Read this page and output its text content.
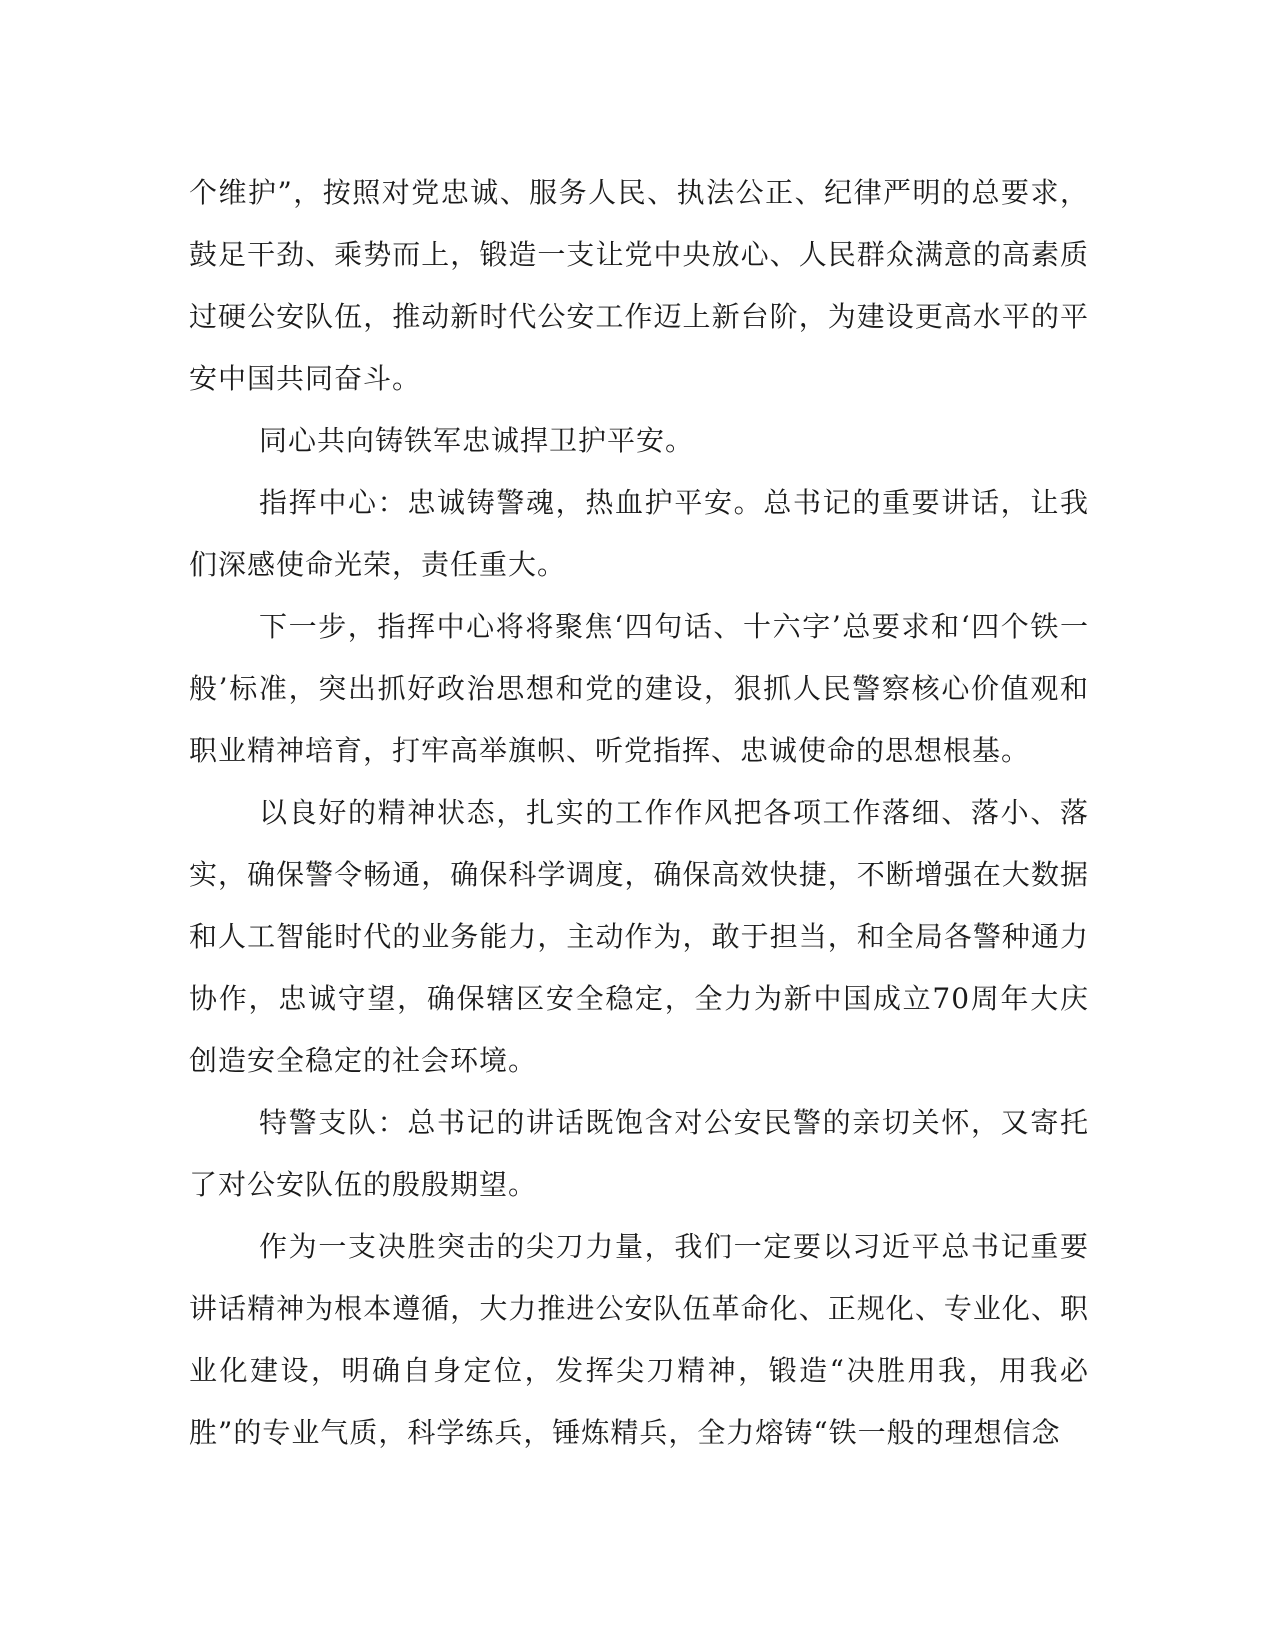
个维护”，按照对党忠诚、服务人民、执法公正、纪律严明的总要求，鼓足干劲、乘势而上，锻造一支让党中央放心、人民群众满意的高素质过硬公安队伍，推动新时代公安工作迈上新台阶，为建设更高水平的平安中国共同奋斗。

同心共向铸铁军忠诚捍卫护平安。

指挥中心：忠诚铸警魂，热血护平安。总书记的重要讲话，让我们深感使命光荣，责任重大。

下一步，指挥中心将将聚焦‘四句话、十六字’总要求和‘四个铁一般’标准，突出抓好政治思想和党的建设，狠抓人民警察核心价值观和职业精神培育，打牢高举旗帜、听党指挥、忠诚使命的思想根基。

以良好的精神状态，扎实的工作作风把各项工作落细、落小、落实，确保警令畅通，确保科学调度，确保高效快捷，不断增强在大数据和人工智能时代的业务能力，主动作为，敢于担当，和全局各警种通力协作，忠诚守望，确保辖区安全稳定，全力为新中国成立70周年大庆创造安全稳定的社会环境。

特警支队：总书记的讲话既饱含对公安民警的亲切关怀，又寄托了对公安队伍的殷殷期望。

作为一支决胜突击的尖刀力量，我们一定要以习近平总书记重要讲话精神为根本遵循，大力推进公安队伍革命化、正规化、专业化、职业化建设，明确自身定位，发挥尖刀精神，锻造“决胜用我，用我必胜”的专业气质，科学练兵，锤炼精兵，全力熔铸“铁一般的理想信念
